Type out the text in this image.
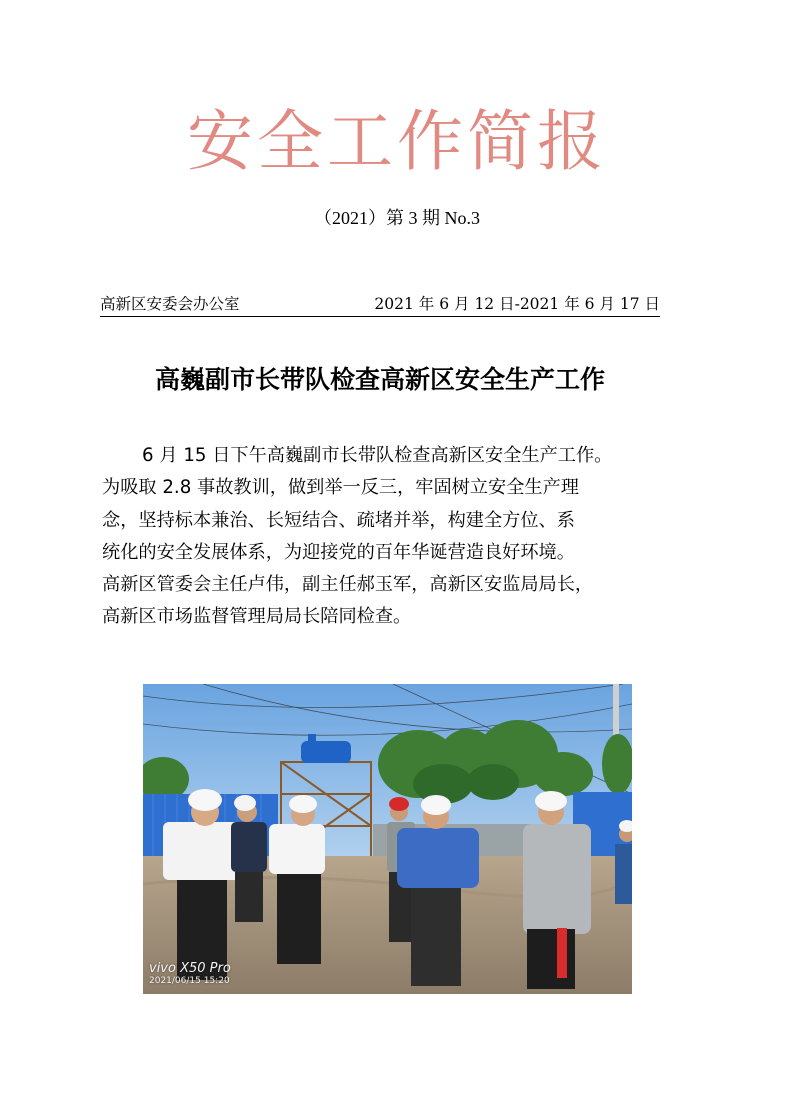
安全工作简报
（2021）第 3 期 No.3
高新区安委会办公室	2021 年 6 月 12 日-2021 年 6 月 17 日
高巍副市长带队检查高新区安全生产工作

6 月 15 日下午高巍副市长带队检查高新区安全生产工作。

为吸取 2.8 事故教训，做到举一反三，牢固树立安全生产理

念，坚持标本兼治、长短结合、疏堵并举，构建全方位、系

统化的安全发展体系，为迎接党的百年华诞营造良好环境。

高新区管委会主任卢伟，副主任郝玉军，高新区安监局局长，

高新区市场监督管理局局长陪同检查。

vivo X50 Pro
2021/06/15 15:20
